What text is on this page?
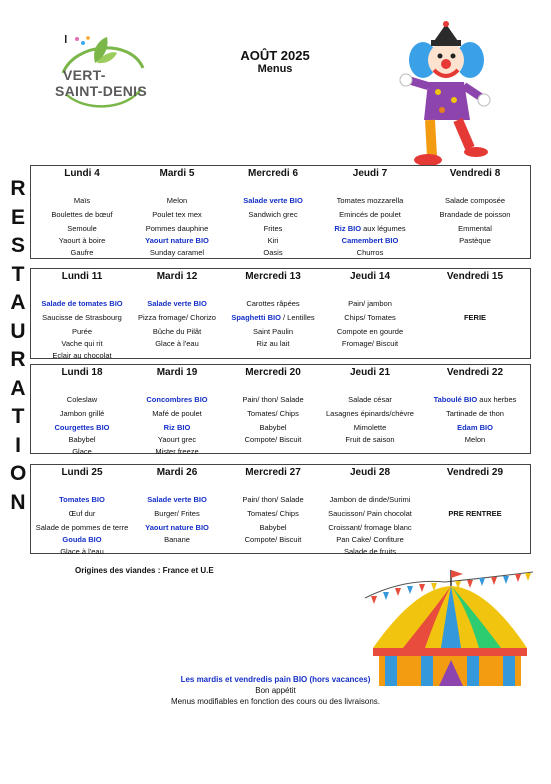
AOÛT 2025
Menus
VERT-
SAINT-DENIS
R
E
S
T
A
U
R
A
T
I
O
N
Lundi 4
Maïs
Boulettes de bœuf
Semoule
Yaourt à boire
Gaufre
Mardi 5
Melon
Poulet tex mex
Pommes dauphine
Yaourt nature BIO
Sunday caramel
Mercredi 6
Salade verte BIO
Sandwich grec
Frites
Kiri
Oasis
Jeudi 7
Tomates mozzarella
Emincés de poulet
Riz BIO aux légumes
Camembert BIO
Churros
Vendredi 8
Salade composée
Brandade de poisson
Emmental
Pastèque
Lundi 11
Salade de tomates BIO
Saucisse de Strasbourg
Purée
Vache qui rit
Eclair au chocolat
Mardi 12
Salade verte BIO
Pizza fromage/ Chorizo
Bûche du Pilât
Glace à l'eau
Mercredi 13
Carottes râpées
Spaghetti BIO / Lentilles
Saint Paulin
Riz au lait
Jeudi 14
Pain/ jambon
Chips/ Tomates
Compote en gourde
Fromage/ Biscuit
Vendredi 15
FERIE
Lundi 18
Coleslaw
Jambon grillé
Courgettes BIO
Babybel
Glace
Mardi 19
Concombres BIO
Mafé de poulet
Riz BIO
Yaourt grec
Mister freeze
Mercredi 20
Pain/ thon/ Salade
Tomates/ Chips
Babybel
Compote/ Biscuit
Jeudi 21
Salade césar
Lasagnes épinards/chèvre
Mimolette
Fruit de saison
Vendredi 22
Taboulé BIO aux herbes
Tartinade de thon
Edam BIO
Melon
Lundi 25
Tomates BIO
Œuf dur
Salade de pommes de terre
Gouda BIO
Glace à l'eau
Mardi 26
Salade verte BIO
Burger/ Frites
Yaourt nature BIO
Banane
Mercredi 27
Pain/ thon/ Salade
Tomates/ Chips
Babybel
Compote/ Biscuit
Jeudi 28
Jambon de dinde/Surimi
Saucisson/ Pain chocolat
Croissant/ fromage blanc
Pan Cake/ Confiture
Salade de fruits
Vendredi 29
PRE RENTREE
Origines des viandes : France et U.E
Les mardis et vendredis pain BIO (hors vacances)
Bon appétit
Menus modifiables en fonction des cours ou des livraisons.
